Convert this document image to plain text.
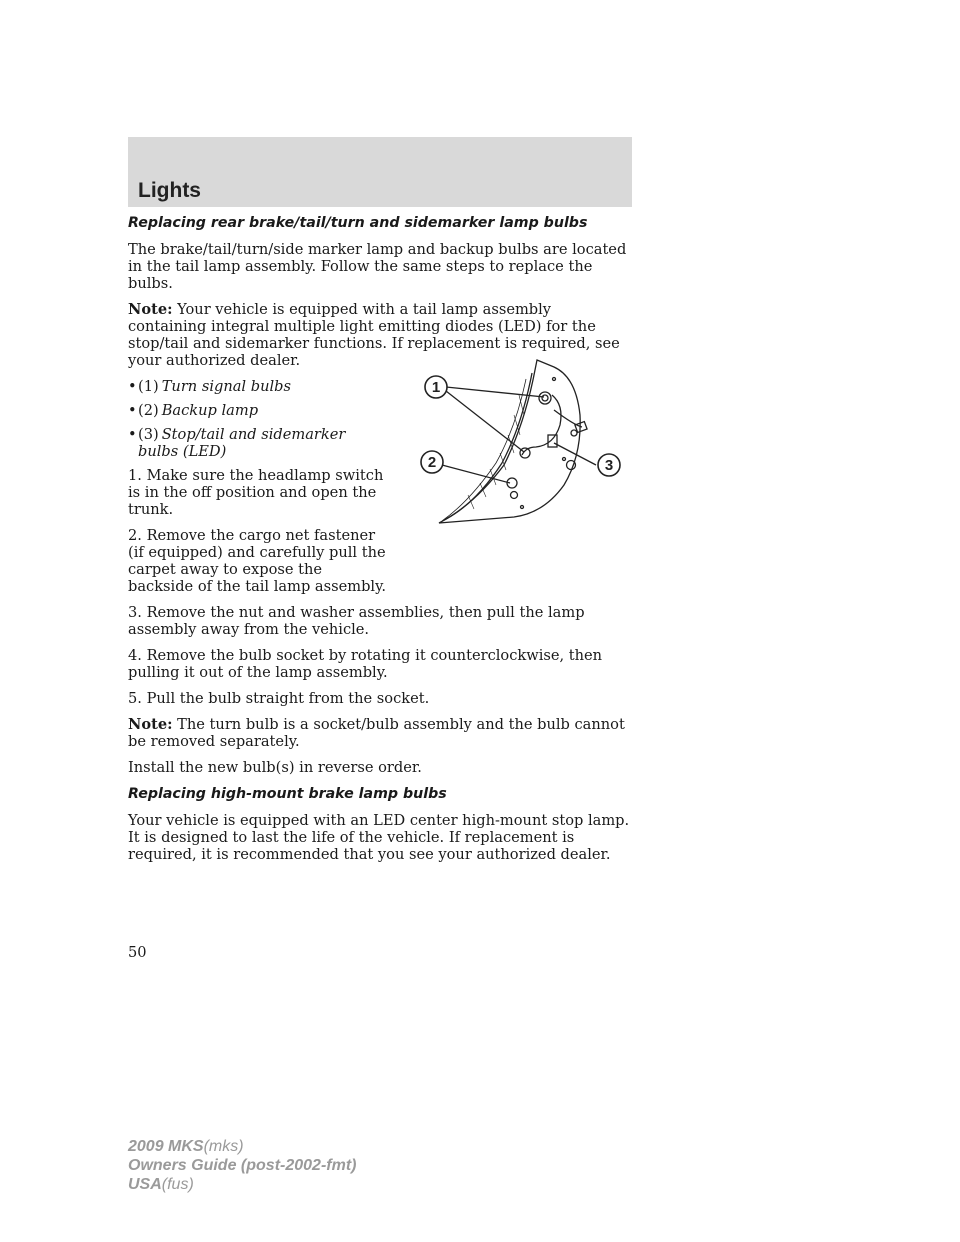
Lights
Replacing rear brake/tail/turn and sidemarker lamp bulbs

The brake/tail/turn/side marker lamp and backup bulbs are located in the tail lamp assembly. Follow the same steps to replace the bulbs.

Note: Your vehicle is equipped with a tail lamp assembly containing integral multiple light emitting diodes (LED) for the stop/tail and sidemarker functions. If replacement is required, see your authorized dealer.

• (1) Turn signal bulbs
• (2) Backup lamp
• (3) Stop/tail and sidemarker bulbs (LED)

1. Make sure the headlamp switch is in the off position and open the trunk.

2. Remove the cargo net fastener (if equipped) and carefully pull the carpet away to expose the backside of the tail lamp assembly.

3. Remove the nut and washer assemblies, then pull the lamp assembly away from the vehicle.

4. Remove the bulb socket by rotating it counterclockwise, then pulling it out of the lamp assembly.

5. Pull the bulb straight from the socket.

Note: The turn bulb is a socket/bulb assembly and the bulb cannot be removed separately.

Install the new bulb(s) in reverse order.

Replacing high-mount brake lamp bulbs

Your vehicle is equipped with an LED center high-mount stop lamp. It is designed to last the life of the vehicle. If replacement is required, it is recommended that you see your authorized dealer.

1
2	3
50
2009 MKS(mks)
Owners Guide (post-2002-fmt)
USA(fus)
